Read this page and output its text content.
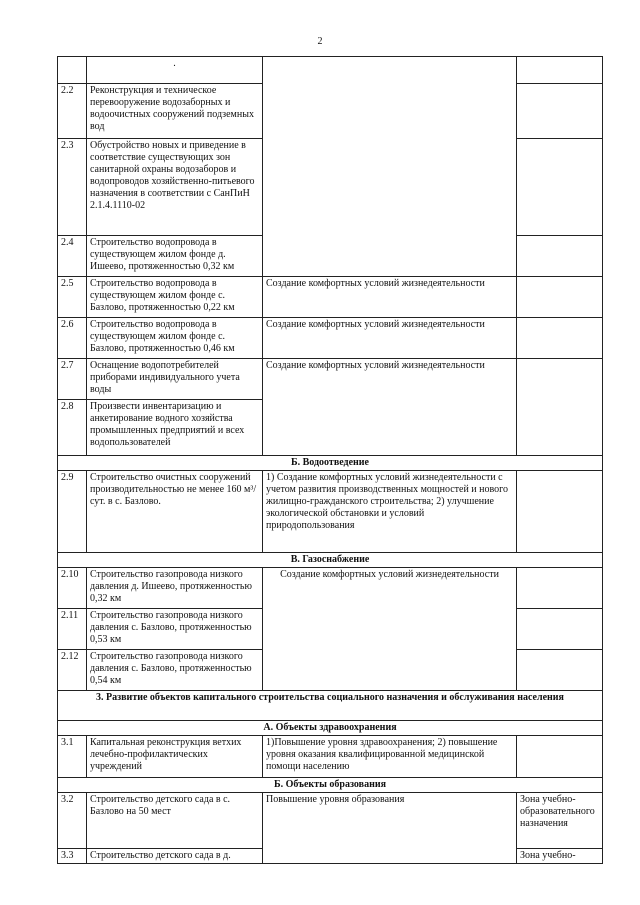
2

	.		

2.2	Реконструкция и техническое перевооружение водозаборных и водоочистных сооружений подземных вод		
2.3	Обустройство новых и приведение в соответствие существующих зон санитарной охраны водозаборов и водопроводов хозяйственно-питьевого назначения в соответствии с СанПиН 2.1.4.1110-02		
2.4	Строительство водопровода в существующем жилом фонде д. Ишеево, протяженностью 0,32 км		
2.5	Строительство водопровода в существующем жилом фонде с. Базлово, протяженностью 0,22 км	Создание комфортных условий жизнедеятельности	
2.6	Строительство водопровода в существующем жилом фонде с. Базлово, протяженностью 0,46 км	Создание комфортных условий жизнедеятельности	
2.7	Оснащение водопотребителей приборами индивидуального учета воды	Создание комфортных условий жизнедеятельности	
2.8	Произвести инвентаризацию и анкетирование водного хозяйства промышленных предприятий и всех водопользователей		
Б. Водоотведение			
2.9	Строительство очистных сооружений производительностью не менее 160 м³/сут. в с. Базлово.	1) Создание комфортных условий жизнедеятельности с учетом развития производственных мощностей и нового жилищно-гражданского строительства; 2) улучшение экологической обстановки и условий природопользования	
В. Газоснабжение			
2.10	Строительство газопровода низкого давления д. Ишеево, протяженностью 0,32 км	Создание комфортных условий жизнедеятельности	
2.11	Строительство газопровода низкого давления с. Базлово, протяженностью 0,53 км		
2.12	Строительство газопровода низкого давления с. Базлово, протяженностью 0,54 км		
3. Развитие объектов капитального строительства социального назначения и обслуживания населения			
А. Объекты здравоохранения			
3.1	Капитальная реконструкция ветхих лечебно-профилактических учреждений	1)Повышение уровня здравоохранения; 2) повышение уровня оказания квалифицированной медицинской помощи населению	
Б. Объекты образования			
3.2	Строительство детского сада в с. Базлово на 50 мест	Повышение уровня образования	Зона учебно-образовательного назначения
3.3	Строительство детского сада в д.		Зона учебно-
